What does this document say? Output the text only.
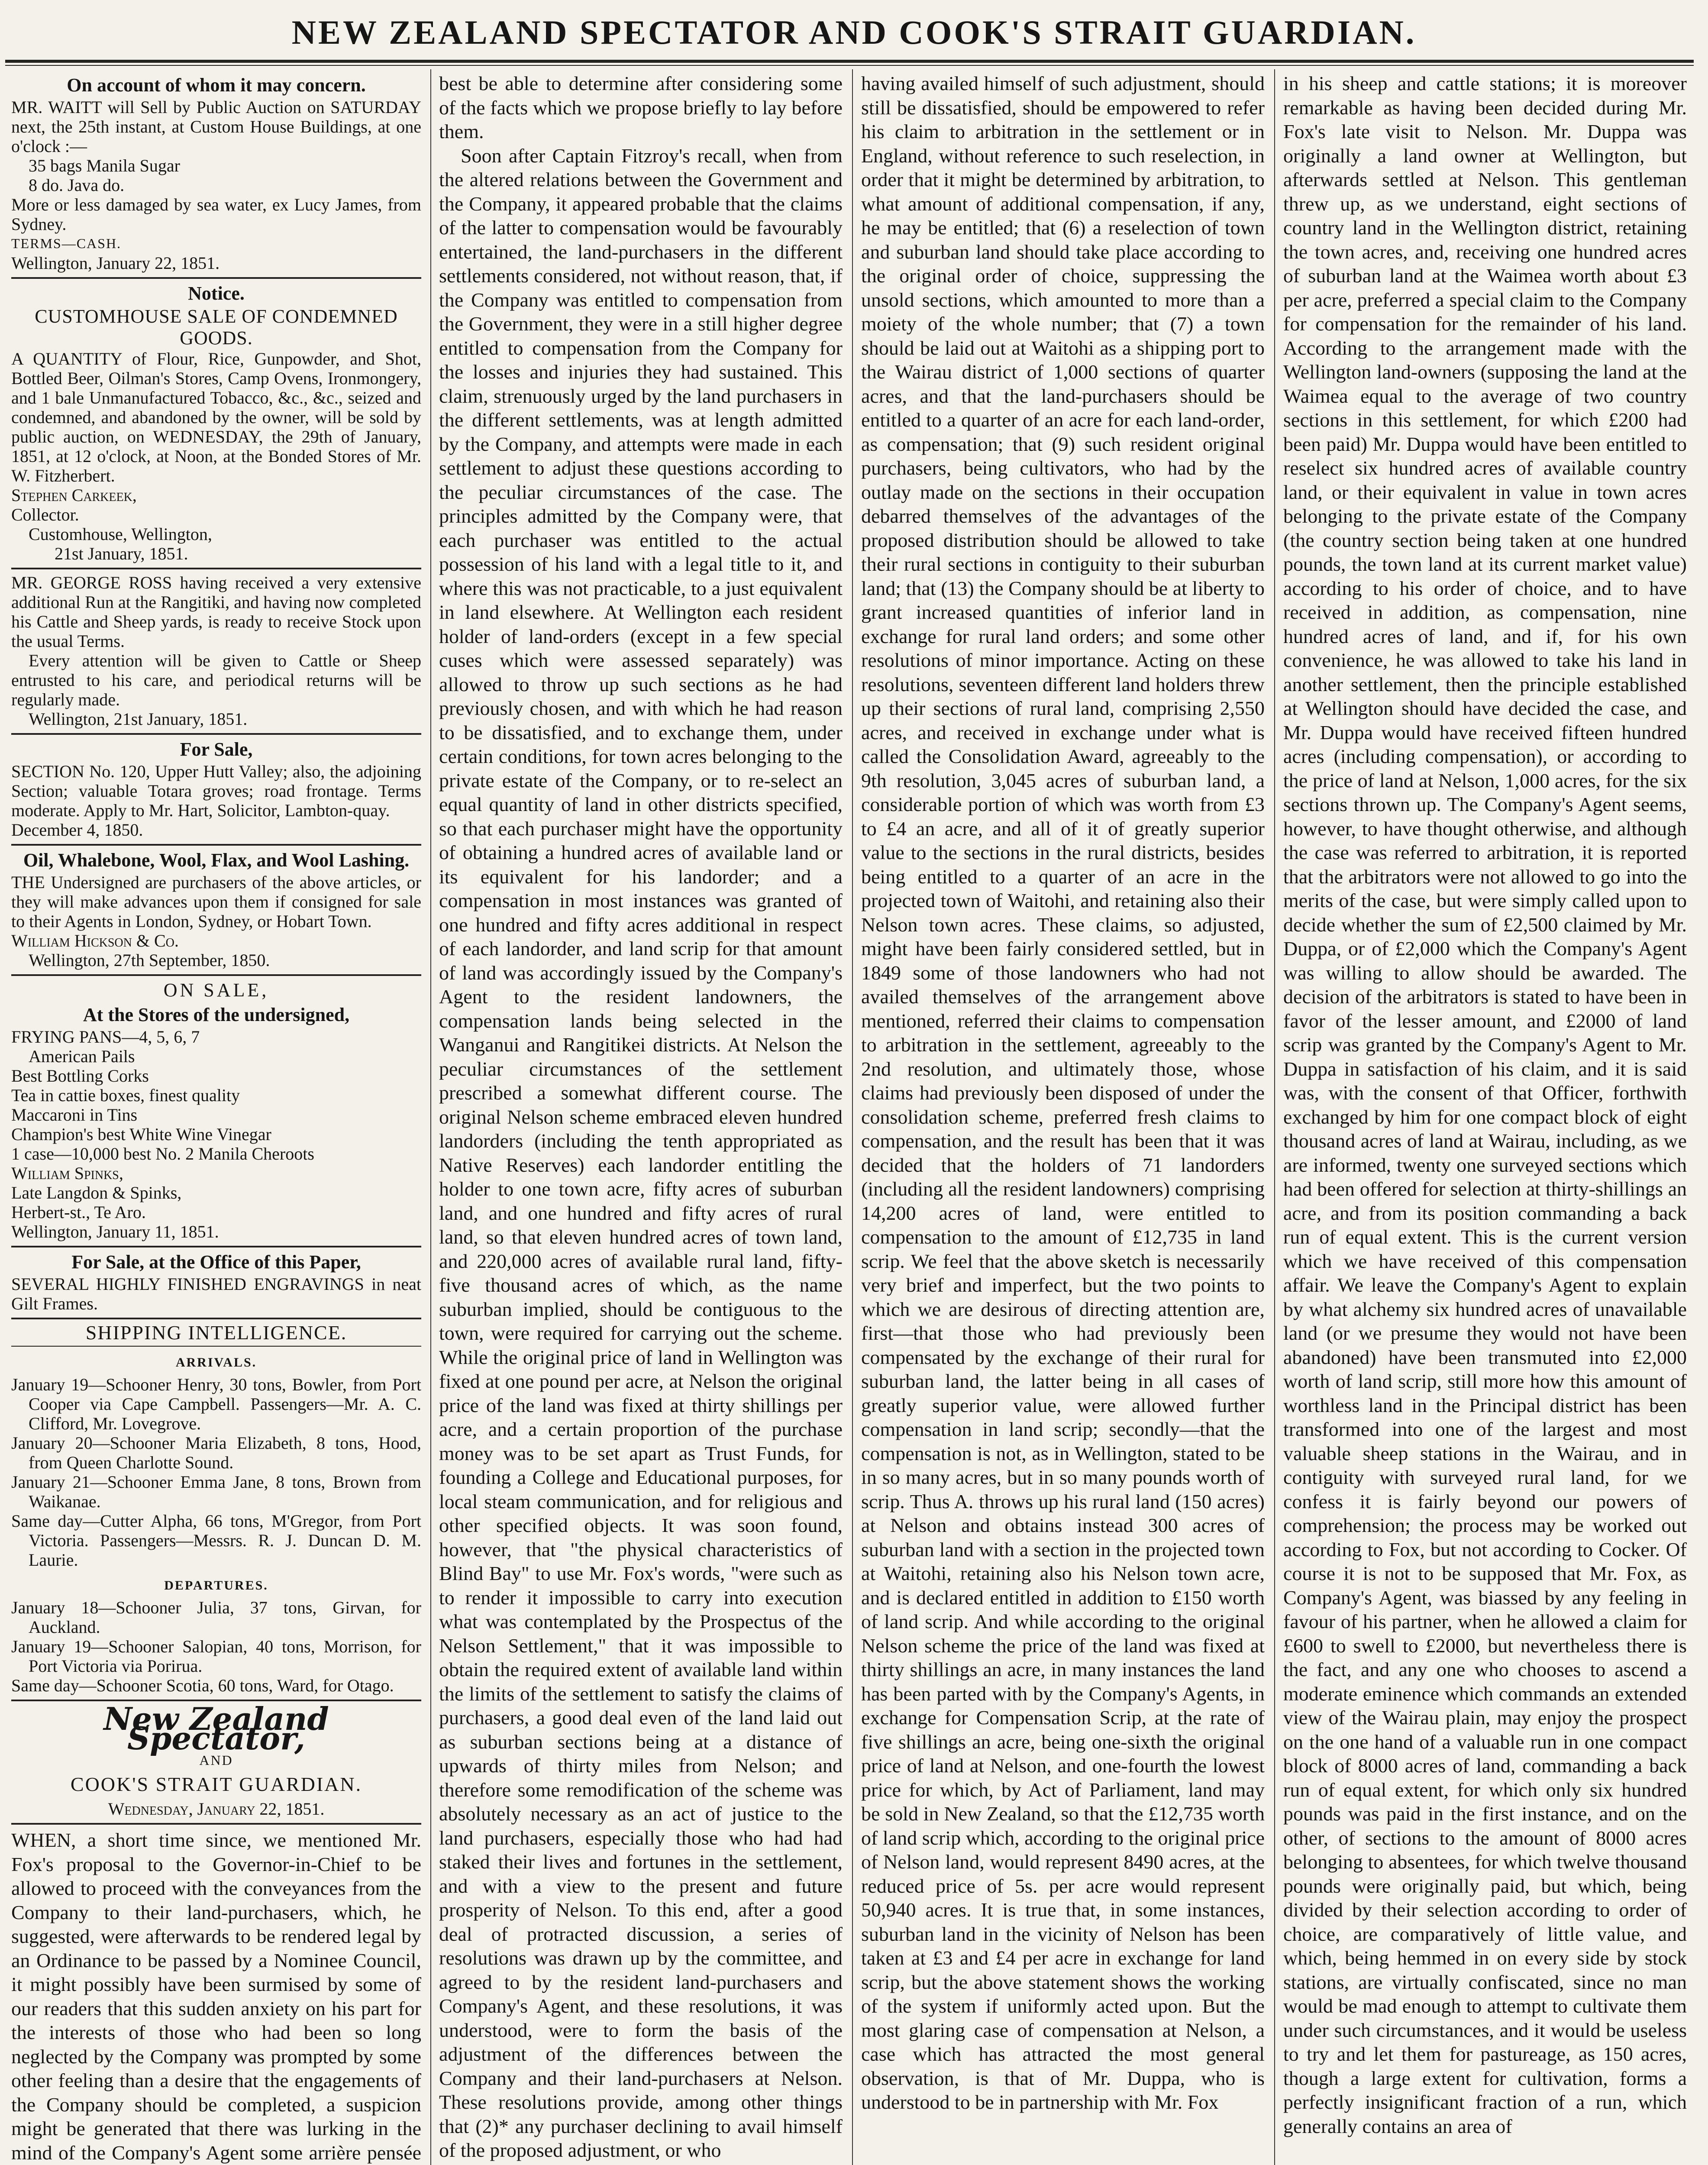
NEW ZEALAND SPECTATOR AND COOK'S STRAIT GUARDIAN.
On account of whom it may concern.

MR. WAITT will Sell by Public Auction on SATURDAY next, the 25th instant, at Custom House Buildings, at one o'clock :—

35 bags Manila Sugar

8 do. Java do.

More or less damaged by sea water, ex Lucy James, from Sydney.

TERMS—CASH.

Wellington, January 22, 1851.

Notice.
CUSTOMHOUSE SALE OF CONDEMNED GOODS.

A QUANTITY of Flour, Rice, Gunpowder, and Shot, Bottled Beer, Oilman's Stores, Camp Ovens, Ironmongery, and 1 bale Unmanufactured Tobacco, &c., &c., seized and condemned, and abandoned by the owner, will be sold by public auction, on WEDNESDAY, the 29th of January, 1851, at 12 o'clock, at Noon, at the Bonded Stores of Mr. W. Fitzherbert.

Stephen Carkeek,

Collector.

Customhouse, Wellington,

21st January, 1851.

MR. GEORGE ROSS having received a very extensive additional Run at the Rangitiki, and having now completed his Cattle and Sheep yards, is ready to receive Stock upon the usual Terms.

Every attention will be given to Cattle or Sheep entrusted to his care, and periodical returns will be regularly made.

Wellington, 21st January, 1851.

For Sale,

SECTION No. 120, Upper Hutt Valley; also, the adjoining Section; valuable Totara groves; road frontage. Terms moderate. Apply to Mr. Hart, Solicitor, Lambton-quay.

December 4, 1850.

Oil, Whalebone, Wool, Flax, and Wool Lashing.

THE Undersigned are purchasers of the above articles, or they will make advances upon them if consigned for sale to their Agents in London, Sydney, or Hobart Town.

William Hickson & Co.

Wellington, 27th September, 1850.

ON SALE,
At the Stores of the undersigned,

FRYING PANS—4, 5, 6, 7

American Pails

Best Bottling Corks

Tea in cattie boxes, finest quality

Maccaroni in Tins

Champion's best White Wine Vinegar

1 case—10,000 best No. 2 Manila Cheroots

William Spinks,

Late Langdon & Spinks,

Herbert-st., Te Aro.

Wellington, January 11, 1851.

For Sale, at the Office of this Paper,

SEVERAL HIGHLY FINISHED ENGRAVINGS in neat Gilt Frames.

SHIPPING INTELLIGENCE.
ARRIVALS.

January 19—Schooner Henry, 30 tons, Bowler, from Port Cooper via Cape Campbell. Passengers—Mr. A. C. Clifford, Mr. Lovegrove.

January 20—Schooner Maria Elizabeth, 8 tons, Hood, from Queen Charlotte Sound.

January 21—Schooner Emma Jane, 8 tons, Brown from Waikanae.

Same day—Cutter Alpha, 66 tons, M'Gregor, from Port Victoria. Passengers—Messrs. R. J. Duncan D. M. Laurie.

DEPARTURES.

January 18—Schooner Julia, 37 tons, Girvan, for Auckland.

January 19—Schooner Salopian, 40 tons, Morrison, for Port Victoria via Porirua.

Same day—Schooner Scotia, 60 tons, Ward, for Otago.

New Zealand Spectator,
AND
COOK'S STRAIT GUARDIAN.
Wednesday, January 22, 1851.

WHEN, a short time since, we mentioned Mr. Fox's proposal to the Governor-in-Chief to be allowed to proceed with the conveyances from the Company to their land-purchasers, which, he suggested, were afterwards to be rendered legal by an Ordinance to be passed by a Nominee Council, it might possibly have been surmised by some of our readers that this sudden anxiety on his part for the interests of those who had been so long neglected by the Company was prompted by some other feeling than a desire that the engagements of the Company should be completed, a suspicion might be generated that there was lurking in the mind of the Company's Agent some arrière pensée

best be able to determine after considering some of the facts which we propose briefly to lay before them.

Soon after Captain Fitzroy's recall, when from the altered relations between the Government and the Company, it appeared probable that the claims of the latter to compensation would be favourably entertained, the land-purchasers in the different settlements considered, not without reason, that, if the Company was entitled to compensation from the Government, they were in a still higher degree entitled to compensation from the Company for the losses and injuries they had sustained. This claim, strenuously urged by the land purchasers in the different settlements, was at length admitted by the Company, and attempts were made in each settlement to adjust these questions according to the peculiar circumstances of the case. The principles admitted by the Company were, that each purchaser was entitled to the actual possession of his land with a legal title to it, and where this was not practicable, to a just equivalent in land elsewhere. At Wellington each resident holder of land-orders (except in a few special cuses which were assessed separately) was allowed to throw up such sections as he had previously chosen, and with which he had reason to be dissatisfied, and to exchange them, under certain conditions, for town acres belonging to the private estate of the Company, or to re-select an equal quantity of land in other districts specified, so that each purchaser might have the opportunity of obtaining a hundred acres of available land or its equivalent for his landorder; and a compensation in most instances was granted of one hundred and fifty acres additional in respect of each landorder, and land scrip for that amount of land was accordingly issued by the Company's Agent to the resident landowners, the compensation lands being selected in the Wanganui and Rangitikei districts. At Nelson the peculiar circumstances of the settlement prescribed a somewhat different course. The original Nelson scheme embraced eleven hundred landorders (including the tenth appropriated as Native Reserves) each landorder entitling the holder to one town acre, fifty acres of suburban land, and one hundred and fifty acres of rural land, so that eleven hundred acres of town land, and 220,000 acres of available rural land, fifty-five thousand acres of which, as the name suburban implied, should be contiguous to the town, were required for carrying out the scheme. While the original price of land in Wellington was fixed at one pound per acre, at Nelson the original price of the land was fixed at thirty shillings per acre, and a certain proportion of the purchase money was to be set apart as Trust Funds, for founding a College and Educational purposes, for local steam communication, and for religious and other specified objects. It was soon found, however, that "the physical characteristics of Blind Bay" to use Mr. Fox's words, "were such as to render it impossible to carry into execution what was contemplated by the Prospectus of the Nelson Settlement," that it was impossible to obtain the required extent of available land within the limits of the settlement to satisfy the claims of purchasers, a good deal even of the land laid out as suburban sections being at a distance of upwards of thirty miles from Nelson; and therefore some remodification of the scheme was absolutely necessary as an act of justice to the land purchasers, especially those who had had staked their lives and fortunes in the settlement, and with a view to the present and future prosperity of Nelson. To this end, after a good deal of protracted discussion, a series of resolutions was drawn up by the committee, and agreed to by the resident land-purchasers and Company's Agent, and these resolutions, it was understood, were to form the basis of the adjustment of the differences between the Company and their land-purchasers at Nelson. These resolutions provide, among other things that (2)* any purchaser declining to avail himself of the proposed adjustment, or who

having availed himself of such adjustment, should still be dissatisfied, should be empowered to refer his claim to arbitration in the settlement or in England, without reference to such reselection, in order that it might be determined by arbitration, to what amount of additional compensation, if any, he may be entitled; that (6) a reselection of town and suburban land should take place according to the original order of choice, suppressing the unsold sections, which amounted to more than a moiety of the whole number; that (7) a town should be laid out at Waitohi as a shipping port to the Wairau district of 1,000 sections of quarter acres, and that the land-purchasers should be entitled to a quarter of an acre for each land-order, as compensation; that (9) such resident original purchasers, being cultivators, who had by the outlay made on the sections in their occupation debarred themselves of the advantages of the proposed distribution should be allowed to take their rural sections in contiguity to their suburban land; that (13) the Company should be at liberty to grant increased quantities of inferior land in exchange for rural land orders; and some other resolutions of minor importance. Acting on these resolutions, seventeen different land holders threw up their sections of rural land, comprising 2,550 acres, and received in exchange under what is called the Consolidation Award, agreeably to the 9th resolution, 3,045 acres of suburban land, a considerable portion of which was worth from £3 to £4 an acre, and all of it of greatly superior value to the sections in the rural districts, besides being entitled to a quarter of an acre in the projected town of Waitohi, and retaining also their Nelson town acres. These claims, so adjusted, might have been fairly considered settled, but in 1849 some of those landowners who had not availed themselves of the arrangement above mentioned, referred their claims to compensation to arbitration in the settlement, agreeably to the 2nd resolution, and ultimately those, whose claims had previously been disposed of under the consolidation scheme, preferred fresh claims to compensation, and the result has been that it was decided that the holders of 71 landorders (including all the resident landowners) comprising 14,200 acres of land, were entitled to compensation to the amount of £12,735 in land scrip. We feel that the above sketch is necessarily very brief and imperfect, but the two points to which we are desirous of directing attention are, first—that those who had previously been compensated by the exchange of their rural for suburban land, the latter being in all cases of greatly superior value, were allowed further compensation in land scrip; secondly—that the compensation is not, as in Wellington, stated to be in so many acres, but in so many pounds worth of scrip. Thus A. throws up his rural land (150 acres) at Nelson and obtains instead 300 acres of suburban land with a section in the projected town at Waitohi, retaining also his Nelson town acre, and is declared entitled in addition to £150 worth of land scrip. And while according to the original Nelson scheme the price of the land was fixed at thirty shillings an acre, in many instances the land has been parted with by the Company's Agents, in exchange for Compensation Scrip, at the rate of five shillings an acre, being one-sixth the original price of land at Nelson, and one-fourth the lowest price for which, by Act of Parliament, land may be sold in New Zealand, so that the £12,735 worth of land scrip which, according to the original price of Nelson land, would represent 8490 acres, at the reduced price of 5s. per acre would represent 50,940 acres. It is true that, in some instances, suburban land in the vicinity of Nelson has been taken at £3 and £4 per acre in exchange for land scrip, but the above statement shows the working of the system if uniformly acted upon. But the most glaring case of compensation at Nelson, a case which has attracted the most general observation, is that of Mr. Duppa, who is understood to be in partnership with Mr. Fox

in his sheep and cattle stations; it is moreover remarkable as having been decided during Mr. Fox's late visit to Nelson. Mr. Duppa was originally a land owner at Wellington, but afterwards settled at Nelson. This gentleman threw up, as we understand, eight sections of country land in the Wellington district, retaining the town acres, and, receiving one hundred acres of suburban land at the Waimea worth about £3 per acre, preferred a special claim to the Company for compensation for the remainder of his land. According to the arrangement made with the Wellington land-owners (supposing the land at the Waimea equal to the average of two country sections in this settlement, for which £200 had been paid) Mr. Duppa would have been entitled to reselect six hundred acres of available country land, or their equivalent in value in town acres belonging to the private estate of the Company (the country section being taken at one hundred pounds, the town land at its current market value) according to his order of choice, and to have received in addition, as compensation, nine hundred acres of land, and if, for his own convenience, he was allowed to take his land in another settlement, then the principle established at Wellington should have decided the case, and Mr. Duppa would have received fifteen hundred acres (including compensation), or according to the price of land at Nelson, 1,000 acres, for the six sections thrown up. The Company's Agent seems, however, to have thought otherwise, and although the case was referred to arbitration, it is reported that the arbitrators were not allowed to go into the merits of the case, but were simply called upon to decide whether the sum of £2,500 claimed by Mr. Duppa, or of £2,000 which the Company's Agent was willing to allow should be awarded. The decision of the arbitrators is stated to have been in favor of the lesser amount, and £2000 of land scrip was granted by the Company's Agent to Mr. Duppa in satisfaction of his claim, and it is said was, with the consent of that Officer, forthwith exchanged by him for one compact block of eight thousand acres of land at Wairau, including, as we are informed, twenty one surveyed sections which had been offered for selection at thirty-shillings an acre, and from its position commanding a back run of equal extent. This is the current version which we have received of this compensation affair. We leave the Company's Agent to explain by what alchemy six hundred acres of unavailable land (or we presume they would not have been abandoned) have been transmuted into £2,000 worth of land scrip, still more how this amount of worthless land in the Principal district has been transformed into one of the largest and most valuable sheep stations in the Wairau, and in contiguity with surveyed rural land, for we confess it is fairly beyond our powers of comprehension; the process may be worked out according to Fox, but not according to Cocker. Of course it is not to be supposed that Mr. Fox, as Company's Agent, was biassed by any feeling in favour of his partner, when he allowed a claim for £600 to swell to £2000, but nevertheless there is the fact, and any one who chooses to ascend a moderate eminence which commands an extended view of the Wairau plain, may enjoy the prospect on the one hand of a valuable run in one compact block of 8000 acres of land, commanding a back run of equal extent, for which only six hundred pounds was paid in the first instance, and on the other, of sections to the amount of 8000 acres belonging to absentees, for which twelve thousand pounds were originally paid, but which, being divided by their selection according to order of choice, are comparatively of little value, and which, being hemmed in on every side by stock stations, are virtually confiscated, since no man would be mad enough to attempt to cultivate them under such circumstances, and it would be useless to try and let them for pastureage, as 150 acres, though a large extent for cultivation, forms a perfectly insignificant fraction of a run, which generally contains an area of
